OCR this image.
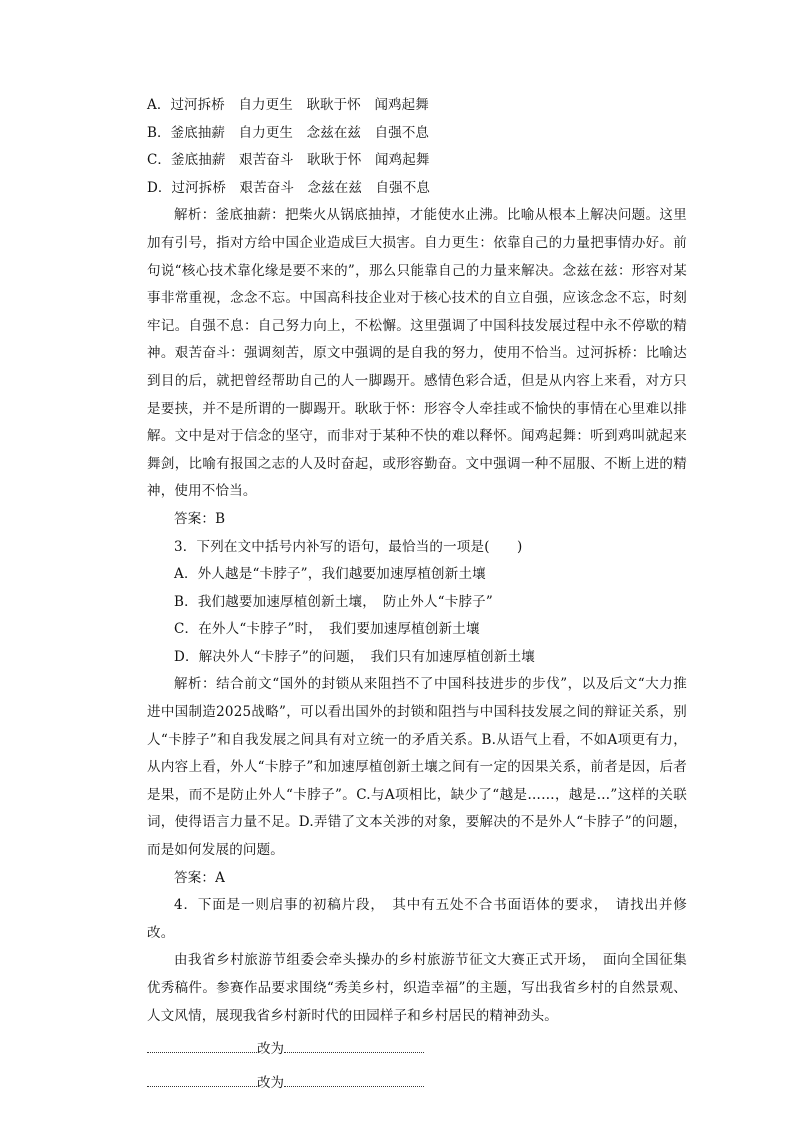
A．过河拆桥　自力更生　耿耿于怀　闻鸡起舞
B．釜底抽薪　自力更生　念兹在兹　自强不息
C．釜底抽薪　艰苦奋斗　耿耿于怀　闻鸡起舞
D．过河拆桥　艰苦奋斗　念兹在兹　自强不息
解析：釜底抽薪：把柴火从锅底抽掉，才能使水止沸。比喻从根本上解决问题。这里加有引号，指对方给中国企业造成巨大损害。自力更生：依靠自己的力量把事情办好。前句说“核心技术靠化缘是要不来的”，那么只能靠自己的力量来解决。念兹在兹：形容对某事非常重视，念念不忘。中国高科技企业对于核心技术的自立自强，应该念念不忘，时刻牢记。自强不息：自己努力向上，不松懈。这里强调了中国科技发展过程中永不停歇的精神。艰苦奋斗：强调刻苦，原文中强调的是自我的努力，使用不恰当。过河拆桥：比喻达到目的后，就把曾经帮助自己的人一脚踢开。感情色彩合适，但是从内容上来看，对方只是要挟，并不是所谓的一脚踢开。耿耿于怀：形容令人牵挂或不愉快的事情在心里难以排解。文中是对于信念的坚守，而非对于某种不快的难以释怀。闻鸡起舞：听到鸡叫就起来舞剑，比喻有报国之志的人及时奋起，或形容勤奋。文中强调一种不屈服、不断上进的精神，使用不恰当。
答案：B
3．下列在文中括号内补写的语句，最恰当的一项是(　　)
A．外人越是“卡脖子”，我们越要加速厚植创新土壤
B．我们越要加速厚植创新土壤，　防止外人“卡脖子”
C．在外人“卡脖子”时，　我们要加速厚植创新土壤
D．解决外人“卡脖子”的问题，　我们只有加速厚植创新土壤
解析：结合前文“国外的封锁从来阻挡不了中国科技进步的步伐”，以及后文“大力推进中国制造2025战略”，可以看出国外的封锁和阻挡与中国科技发展之间的辩证关系，别人“卡脖子”和自我发展之间具有对立统一的矛盾关系。B.从语气上看，不如A项更有力，从内容上看，外人“卡脖子”和加速厚植创新土壤之间有一定的因果关系，前者是因，后者是果，而不是防止外人“卡脖子”。C.与A项相比，缺少了“越是……，越是…”这样的关联词，使得语言力量不足。D.弄错了文本关涉的对象，要解决的不是外人“卡脖子”的问题，而是如何发展的问题。
答案：A
4．下面是一则启事的初稿片段，　其中有五处不合书面语体的要求，　请找出并修改。
由我省乡村旅游节组委会牵头操办的乡村旅游节征文大赛正式开场，　面向全国征集优秀稿件。参赛作品要求围绕“秀美乡村，织造幸福”的主题，写出我省乡村的自然景观、人文风情，展现我省乡村新时代的田园样子和乡村居民的精神劲头。
改为
改为
